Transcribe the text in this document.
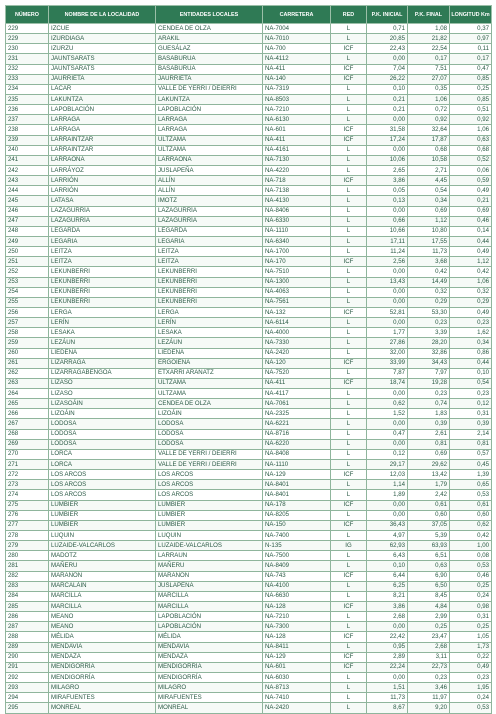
NÚMERO	NOMBRE DE LA LOCALIDAD	ENTIDADES LOCALES	CARRETERA	RED	P.K. INICIAL	P.K. FINAL	LONGITUD Km
229	IZCUE	CENDEA DE OLZA	NA-7004	L	0,71	1,08	0,37
229	IZURDIAGA	ARAKIL	NA-7010	L	20,85	21,82	0,97
230	IZURZU	GUESÁLAZ	NA-700	ICF	22,43	22,54	0,11
231	JAUNTSARATS	BASABURUA	NA-4112	L	0,00	0,17	0,17
232	JAUNTSARATS	BASABURUA	NA-411	ICF	7,04	7,51	0,47
233	JAURRIETA	JAURRIETA	NA-140	ICF	26,22	27,07	0,85
234	LÁCAR	VALLE DE YERRI / DEIERRI	NA-7319	L	0,10	0,35	0,25
235	LAKUNTZA	LAKUNTZA	NA-8503	L	0,21	1,06	0,85
236	LAPOBLACIÓN	LAPOBLACIÓN	NA-7210	L	0,21	0,72	0,51
237	LARRAGA	LARRAGA	NA-6130	L	0,00	0,92	0,92
238	LARRAGA	LARRAGA	NA-601	ICF	31,58	32,64	1,06
239	LARRAINTZAR	ULTZAMA	NA-411	ICF	17,24	17,87	0,63
240	LARRAINTZAR	ULTZAMA	NA-4161	L	0,00	0,68	0,68
241	LARRAONA	LARRAONA	NA-7130	L	10,06	10,58	0,52
242	LARRÁYOZ	JUSLAPEÑA	NA-4220	L	2,65	2,71	0,06
243	LARRIÓN	ALLÍN	NA-718	ICF	3,86	4,45	0,59
244	LARRIÓN	ALLÍN	NA-7138	L	0,05	0,54	0,49
245	LATASA	IMOTZ	NA-4130	L	0,13	0,34	0,21
246	LAZAGURRÍA	LAZAGURRÍA	NA-8406	L	0,00	0,69	0,69
247	LAZAGURRÍA	LAZAGURRÍA	NA-6330	L	0,66	1,12	0,46
248	LEGARDA	LEGARDA	NA-1110	L	10,66	10,80	0,14
249	LEGARIA	LEGARIA	NA-6340	L	17,11	17,55	0,44
250	LEITZA	LEITZA	NA-1700	L	11,24	11,73	0,49
251	LEITZA	LEITZA	NA-170	ICF	2,56	3,68	1,12
252	LEKUNBERRI	LEKUNBERRI	NA-7510	L	0,00	0,42	0,42
253	LEKUNBERRI	LEKUNBERRI	NA-1300	L	13,43	14,49	1,06
254	LEKUNBERRI	LEKUNBERRI	NA-4063	L	0,00	0,32	0,32
255	LEKUNBERRI	LEKUNBERRI	NA-7561	L	0,00	0,29	0,29
256	LERGA	LERGA	NA-132	ICF	52,81	53,30	0,49
257	LERÍN	LERÍN	NA-6114	L	0,00	0,23	0,23
258	LESAKA	LESAKA	NA-4000	L	1,77	3,39	1,62
259	LEZÁUN	LEZÁUN	NA-7330	L	27,86	28,20	0,34
260	LIÉDENA	LIÉDENA	NA-2420	L	32,00	32,86	0,86
261	LIZARRAGA	ERGOIENA	NA-120	ICF	33,99	34,43	0,44
262	LIZARRAGABENGOA	ETXARRI ARANATZ	NA-7520	L	7,87	7,97	0,10
263	LIZASO	ULTZAMA	NA-411	ICF	18,74	19,28	0,54
264	LIZASO	ULTZAMA	NA-4117	L	0,00	0,23	0,23
265	LIZASOÁIN	CENDEA DE OLZA	NA-7061	L	0,62	0,74	0,12
266	LIZOÁIN	LIZOÁIN	NA-2325	L	1,52	1,83	0,31
267	LODOSA	LODOSA	NA-6221	L	0,00	0,39	0,39
268	LODOSA	LODOSA	NA-8716	L	0,47	2,61	2,14
269	LODOSA	LODOSA	NA-6220	L	0,00	0,81	0,81
270	LORCA	VALLE DE YERRI / DEIERRI	NA-8408	L	0,12	0,69	0,57
271	LORCA	VALLE DE YERRI / DEIERRI	NA-1110	L	29,17	29,62	0,45
272	LOS ARCOS	LOS ARCOS	NA-129	ICF	12,03	13,42	1,39
273	LOS ARCOS	LOS ARCOS	NA-8401	L	1,14	1,79	0,65
274	LOS ARCOS	LOS ARCOS	NA-8401	L	1,89	2,42	0,53
275	LUMBIER	LUMBIER	NA-178	ICF	0,00	0,61	0,61
276	LUMBIER	LUMBIER	NA-8205	L	0,00	0,60	0,60
277	LUMBIER	LUMBIER	NA-150	ICF	36,43	37,05	0,62
278	LUQUIN	LUQUIN	NA-7400	L	4,97	5,39	0,42
279	LUZAIDE-VALCARLOS	LUZAIDE-VALCARLOS	N-135	IG	62,93	63,93	1,00
280	MADOTZ	LARRAUN	NA-7500	L	6,43	6,51	0,08
281	MAÑERU	MAÑERU	NA-8409	L	0,10	0,63	0,53
282	MARAÑÓN	MARAÑÓN	NA-743	ICF	6,44	6,90	0,46
283	MARCALÁIN	JUSLAPEÑA	NA-4100	L	6,25	6,50	0,25
284	MARCILLA	MARCILLA	NA-6630	L	8,21	8,45	0,24
285	MARCILLA	MARCILLA	NA-128	ICF	3,86	4,84	0,98
286	MEANO	LAPOBLACIÓN	NA-7210	L	2,68	2,99	0,31
287	MEANO	LAPOBLACIÓN	NA-7300	L	0,00	0,25	0,25
288	MÉLIDA	MÉLIDA	NA-128	ICF	22,42	23,47	1,05
289	MENDAVIA	MENDAVIA	NA-8411	L	0,95	2,68	1,73
290	MENDAZA	MENDAZA	NA-129	ICF	2,89	3,11	0,22
291	MENDIGORRÍA	MENDIGORRÍA	NA-601	ICF	22,24	22,73	0,49
292	MENDIGORRÍA	MENDIGORRÍA	NA-6030	L	0,00	0,23	0,23
293	MILAGRO	MILAGRO	NA-8713	L	1,51	3,46	1,95
294	MIRAFUENTES	MIRAFUENTES	NA-7410	L	11,73	11,97	0,24
295	MONREAL	MONREAL	NA-2420	L	8,67	9,20	0,53
